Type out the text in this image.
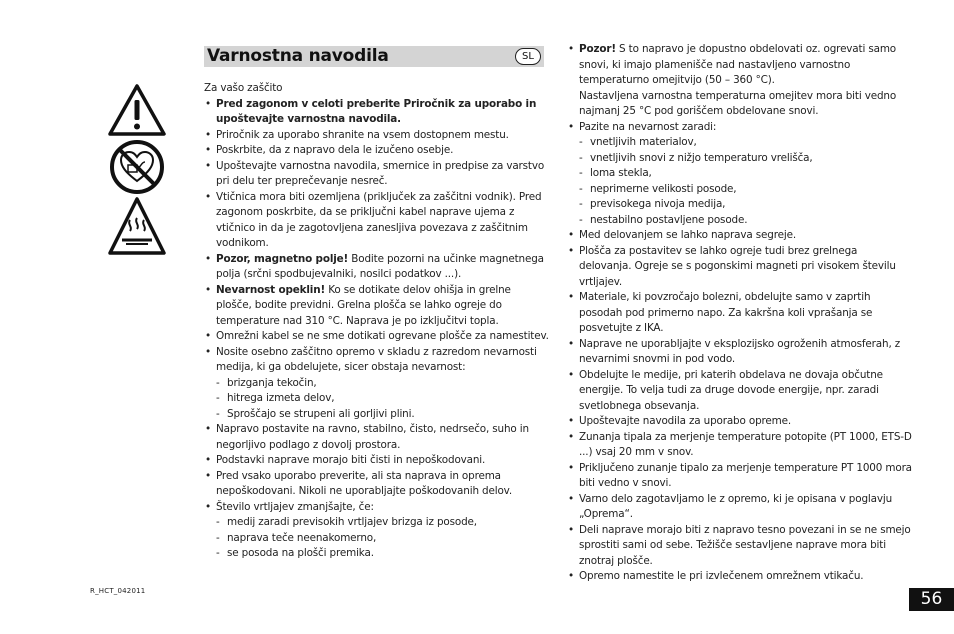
Varnostna navodila	SL

Za vašo zaščito

• Pred zagonom v celoti preberite Priročnik za uporabo in upoštevajte varnostna navodila.
• Priročnik za uporabo shranite na vsem dostopnem mestu.
• Poskrbite, da z napravo dela le izučeno osebje.
• Upoštevajte varnostna navodila, smernice in predpise za varstvo pri delu ter preprečevanje nesreč.
• Vtičnica mora biti ozemljena (priključek za zaščitni vodnik). Pred zagonom poskrbite, da se priključni kabel naprave ujema z vtičnico in da je zagotovljena zanesljiva povezava z zaščitnim vodnikom.
• Pozor, magnetno polje! Bodite pozorni na učinke magnetnega polja (srčni spodbujevalniki, nosilci podatkov ...).
• Nevarnost opeklin! Ko se dotikate delov ohišja in grelne plošče, bodite previdni. Grelna plošča se lahko ogreje do temperature nad 310 °C. Naprava je po izključitvi topla.
• Omrežni kabel se ne sme dotikati ogrevane plošče za namestitev.
• Nosite osebno zaščitno opremo v skladu z razredom nevarnosti medija, ki ga obdelujete, sicer obstaja nevarnost:
- brizganja tekočin,
- hitrega izmeta delov,
- Sproščajo se strupeni ali gorljivi plini.
• Napravo postavite na ravno, stabilno, čisto, nedrsečo, suho in negorljivo podlago z dovolj prostora.
• Podstavki naprave morajo biti čisti in nepoškodovani.
• Pred vsako uporabo preverite, ali sta naprava in oprema nepoškodovani. Nikoli ne uporabljajte poškodovanih delov.
• Število vrtljajev zmanjšajte, če:
- medij zaradi previsokih vrtljajev brizga iz posode,
- naprava teče neenakomerno,
- se posoda na plošči premika.
• Pozor! S to napravo je dopustno obdelovati oz. ogrevati samo snovi, ki imajo plamenišče nad nastavljeno varnostno temperaturno omejitvijo (50 – 360 °C).
Nastavljena varnostna temperaturna omejitev mora biti vedno najmanj 25 °C pod goriščem obdelovane snovi.
• Pazite na nevarnost zaradi:
- vnetljivih materialov,
- vnetljivih snovi z nižjo temperaturo vrelišča,
- loma stekla,
- neprimerne velikosti posode,
- previsokega nivoja medija,
- nestabilno postavljene posode.
• Med delovanjem se lahko naprava segreje.
• Plošča za postavitev se lahko ogreje tudi brez grelnega delovanja. Ogreje se s pogonskimi magneti pri visokem številu vrtljajev.
• Materiale, ki povzročajo bolezni, obdelujte samo v zaprtih posodah pod primerno napo. Za kakršna koli vprašanja se posvetujte z IKA.
• Naprave ne uporabljajte v eksplozijsko ogroženih atmosferah, z nevarnimi snovmi in pod vodo.
• Obdelujte le medije, pri katerih obdelava ne dovaja občutne energije. To velja tudi za druge dovode energije, npr. zaradi svetlobnega obsevanja.
• Upoštevajte navodila za uporabo opreme.
• Zunanja tipala za merjenje temperature potopite (PT 1000, ETS-D ...) vsaj 20 mm v snov.
• Priključeno zunanje tipalo za merjenje temperature PT 1000 mora biti vedno v snovi.
• Varno delo zagotavljamo le z opremo, ki je opisana v poglavju „Oprema“.
• Deli naprave morajo biti z napravo tesno povezani in se ne smejo sprostiti sami od sebe. Težišče sestavljene naprave mora biti znotraj plošče.
• Opremo namestite le pri izvlečenem omrežnem vtikaču.
R_HCT_042011	56
